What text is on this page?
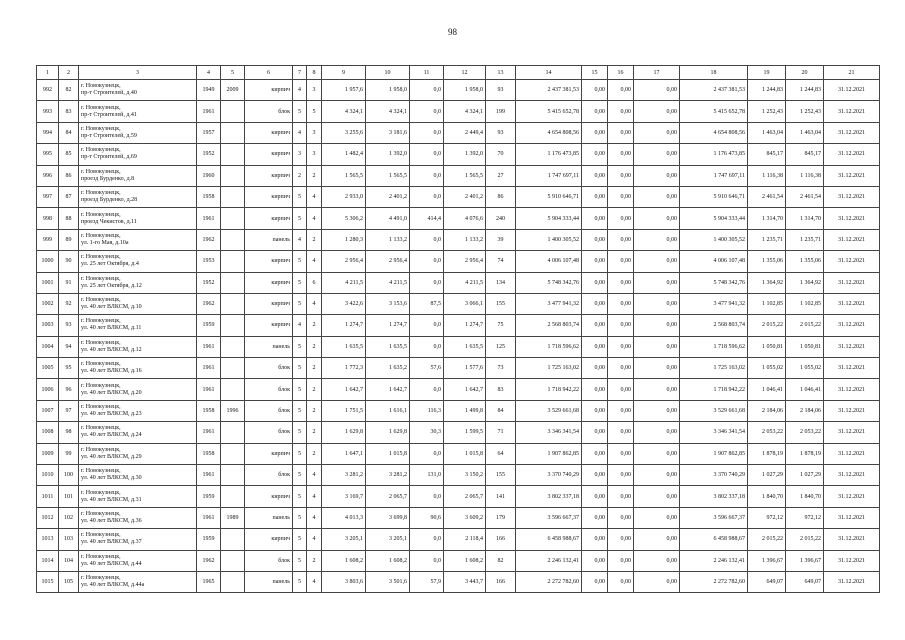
98
1	2	3	4	5	6	7	8	9	10	11	12	13	14	15	16	17	18	19	20	21
992	82	г. Новокузнецк,
пр-т Строителей, д.40	1949	2009	кирпич	4	3	1 957,6	1 958,0	0,0	1 958,0	93	2 437 381,53	0,00	0,00	0,00	2 437 381,53	1 244,83	1 244,83	31.12.2021
993	83	г. Новокузнецк,
пр-т Строителей, д.41	1961		блок	5	5	4 324,1	4 324,1	0,0	4 324,1	199	5 415 652,78	0,00	0,00	0,00	5 415 652,78	1 252,43	1 252,43	31.12.2021
994	84	г. Новокузнецк,
пр-т Строителей, д.59	1957		кирпич	4	3	3 255,6	3 181,6	0,0	2 449,4	93	4 654 808,56	0,00	0,00	0,00	4 654 808,56	1 463,04	1 463,04	31.12.2021
995	85	г. Новокузнецк,
пр-т Строителей, д.69	1952		кирпич	3	3	1 482,4	1 392,0	0,0	1 392,0	70	1 176 473,85	0,00	0,00	0,00	1 176 473,85	845,17	845,17	31.12.2021
996	86	г. Новокузнецк,
проезд Бурденко, д.8	1960		кирпич	2	2	1 565,5	1 565,5	0,0	1 565,5	27	1 747 697,11	0,00	0,00	0,00	1 747 697,11	1 116,38	1 116,38	31.12.2021
997	87	г. Новокузнецк,
проезд Бурденко, д.28	1958		кирпич	5	4	2 933,0	2 401,2	0,0	2 401,2	86	5 910 646,71	0,00	0,00	0,00	5 910 646,71	2 461,54	2 461,54	31.12.2021
998	88	г. Новокузнецк,
проезд Чекистов, д.11	1961		кирпич	5	4	5 306,2	4 491,0	414,4	4 076,6	240	5 904 333,44	0,00	0,00	0,00	5 904 333,44	1 314,70	1 314,70	31.12.2021
999	89	г. Новокузнецк,
ул. 1-го Мая, д.10а	1962		панель	4	2	1 280,3	1 133,2	0,0	1 133,2	39	1 400 305,52	0,00	0,00	0,00	1 400 305,52	1 235,71	1 235,71	31.12.2021
1000	90	г. Новокузнецк,
ул. 25 лет Октября, д.4	1953		кирпич	5	4	2 956,4	2 956,4	0,0	2 956,4	74	4 006 107,48	0,00	0,00	0,00	4 006 107,48	1 355,06	1 355,06	31.12.2021
1001	91	г. Новокузнецк,
ул. 25 лет Октября, д.12	1952		кирпич	5	6	4 211,5	4 211,5	0,0	4 211,5	134	5 748 342,76	0,00	0,00	0,00	5 748 342,76	1 364,92	1 364,92	31.12.2021
1002	92	г. Новокузнецк,
ул. 40 лет ВЛКСМ, д.10	1962		кирпич	5	4	3 422,6	3 153,6	87,5	3 066,1	155	3 477 941,32	0,00	0,00	0,00	3 477 941,32	1 102,85	1 102,85	31.12.2021
1003	93	г. Новокузнецк,
ул. 40 лет ВЛКСМ, д.11	1959		кирпич	4	2	1 274,7	1 274,7	0,0	1 274,7	75	2 568 803,74	0,00	0,00	0,00	2 568 803,74	2 015,22	2 015,22	31.12.2021
1004	94	г. Новокузнецк,
ул. 40 лет ВЛКСМ, д.12	1961		панель	5	2	1 635,5	1 635,5	0,0	1 635,5	125	1 718 596,62	0,00	0,00	0,00	1 718 596,62	1 050,81	1 050,81	31.12.2021
1005	95	г. Новокузнецк,
ул. 40 лет ВЛКСМ, д.16	1961		блок	5	2	1 772,3	1 635,2	57,6	1 577,6	73	1 725 163,02	0,00	0,00	0,00	1 725 163,02	1 055,02	1 055,02	31.12.2021
1006	96	г. Новокузнецк,
ул. 40 лет ВЛКСМ, д.20	1961		блок	5	2	1 642,7	1 642,7	0,0	1 642,7	83	1 718 942,22	0,00	0,00	0,00	1 718 942,22	1 046,41	1 046,41	31.12.2021
1007	97	г. Новокузнецк,
ул. 40 лет ВЛКСМ, д.23	1958	1996	блок	5	2	1 751,5	1 616,1	116,3	1 499,8	84	3 529 661,68	0,00	0,00	0,00	3 529 661,68	2 184,06	2 184,06	31.12.2021
1008	98	г. Новокузнецк,
ул. 40 лет ВЛКСМ, д.24	1961		блок	5	2	1 629,8	1 629,8	30,3	1 599,5	71	3 346 341,54	0,00	0,00	0,00	3 346 341,54	2 053,22	2 053,22	31.12.2021
1009	99	г. Новокузнецк,
ул. 40 лет ВЛКСМ, д.29	1958		кирпич	5	2	1 647,1	1 015,8	0,0	1 015,8	64	1 907 862,85	0,00	0,00	0,00	1 907 862,85	1 878,19	1 878,19	31.12.2021
1010	100	г. Новокузнецк,
ул. 40 лет ВЛКСМ, д.30	1961		блок	5	4	3 281,2	3 281,2	131,0	3 150,2	155	3 370 740,29	0,00	0,00	0,00	3 370 740,29	1 027,29	1 027,29	31.12.2021
1011	101	г. Новокузнецк,
ул. 40 лет ВЛКСМ, д.31	1959		кирпич	5	4	3 169,7	2 065,7	0,0	2 065,7	141	3 802 337,18	0,00	0,00	0,00	3 802 337,18	1 840,70	1 840,70	31.12.2021
1012	102	г. Новокузнецк,
ул. 40 лет ВЛКСМ, д.36	1961	1989	панель	5	4	4 013,3	3 699,8	90,6	3 609,2	179	3 596 667,37	0,00	0,00	0,00	3 596 667,37	972,12	972,12	31.12.2021
1013	103	г. Новокузнецк,
ул. 40 лет ВЛКСМ, д.37	1959		кирпич	5	4	3 205,1	3 205,1	0,0	2 118,4	166	6 458 988,67	0,00	0,00	0,00	6 458 988,67	2 015,22	2 015,22	31.12.2021
1014	104	г. Новокузнецк,
ул. 40 лет ВЛКСМ, д.44	1962		блок	5	2	1 608,2	1 608,2	0,0	1 608,2	82	2 246 132,41	0,00	0,00	0,00	2 246 132,41	1 396,67	1 396,67	31.12.2021
1015	105	г. Новокузнецк,
ул. 40 лет ВЛКСМ, д.44а	1965		панель	5	4	3 803,6	3 501,6	57,9	3 443,7	166	2 272 782,60	0,00	0,00	0,00	2 272 782,60	649,07	649,07	31.12.2021
